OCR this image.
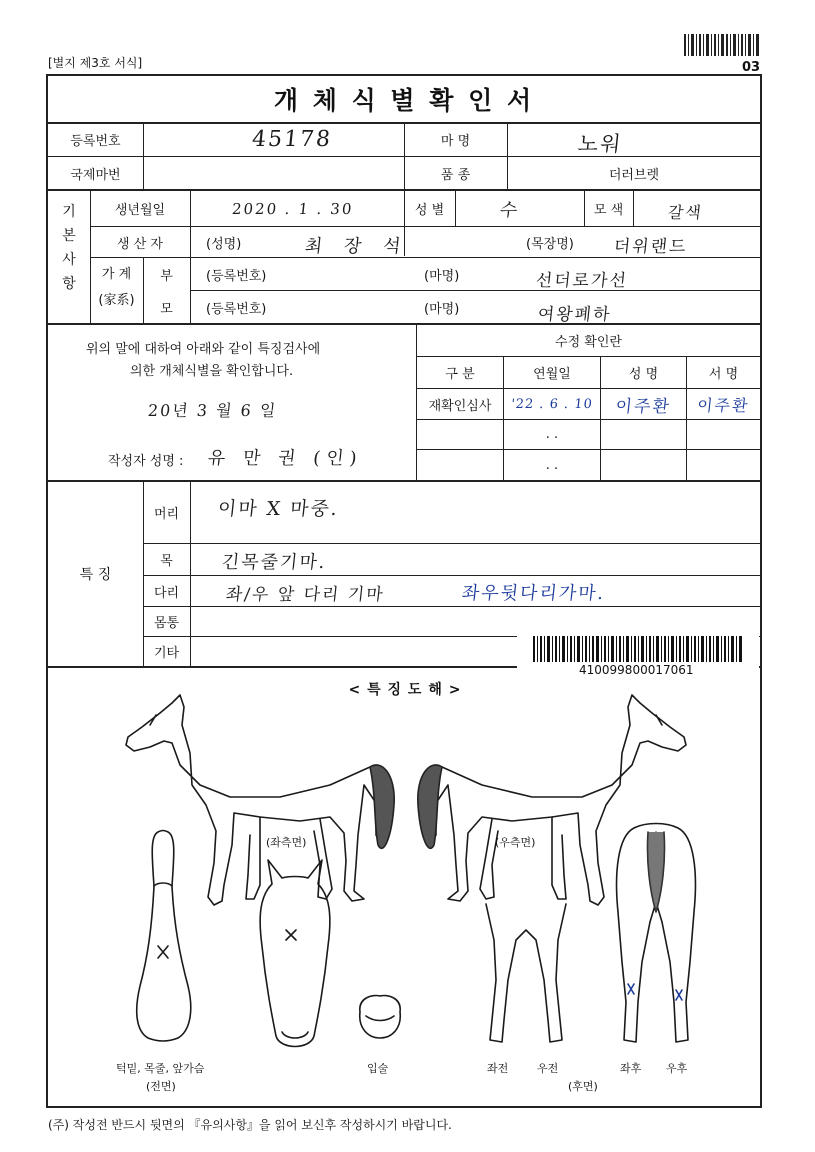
03
[별지 제3호 서식]
개 체 식 별 확 인 서
등록번호	45178	마 명	노워
국제마번	품 종	더러브렛
기
본
사
항
생년월일	2020 . 1 . 30	성 별	수	모 색	갈색
생 산 자	(성명)	최 장 석	(목장명) 더위랜드
가 계
(家系)
부	(등록번호)	(마명)	선더로가선
모	(등록번호)	(마명)	여왕폐하
위의 말에 대하여 아래와 같이 특징검사에
의한 개체식별을 확인합니다.
20년 3 월 6 일
작성자 성명 : 유 만 권 (인)
수정 확인란
구 분	연월일	성 명	서 명
재확인심사	'22 . 6 . 10	이주환	이주환
. .
. .
특 징
머리	이마 X 마중.
목	긴목줄기마.
다리	좌/우 앞 다리 기마	좌우뒷다리가마.
몸통
기타
410099800017061
< 특 징 도 해 >
(좌측면)	(우측면)
턱밑, 목줄, 앞가슴
(전면)
입술	좌전	우전
(후면)
좌후 우후
(주) 작성전 반드시 뒷면의 『유의사항』을 읽어 보신후 작성하시기 바랍니다.
